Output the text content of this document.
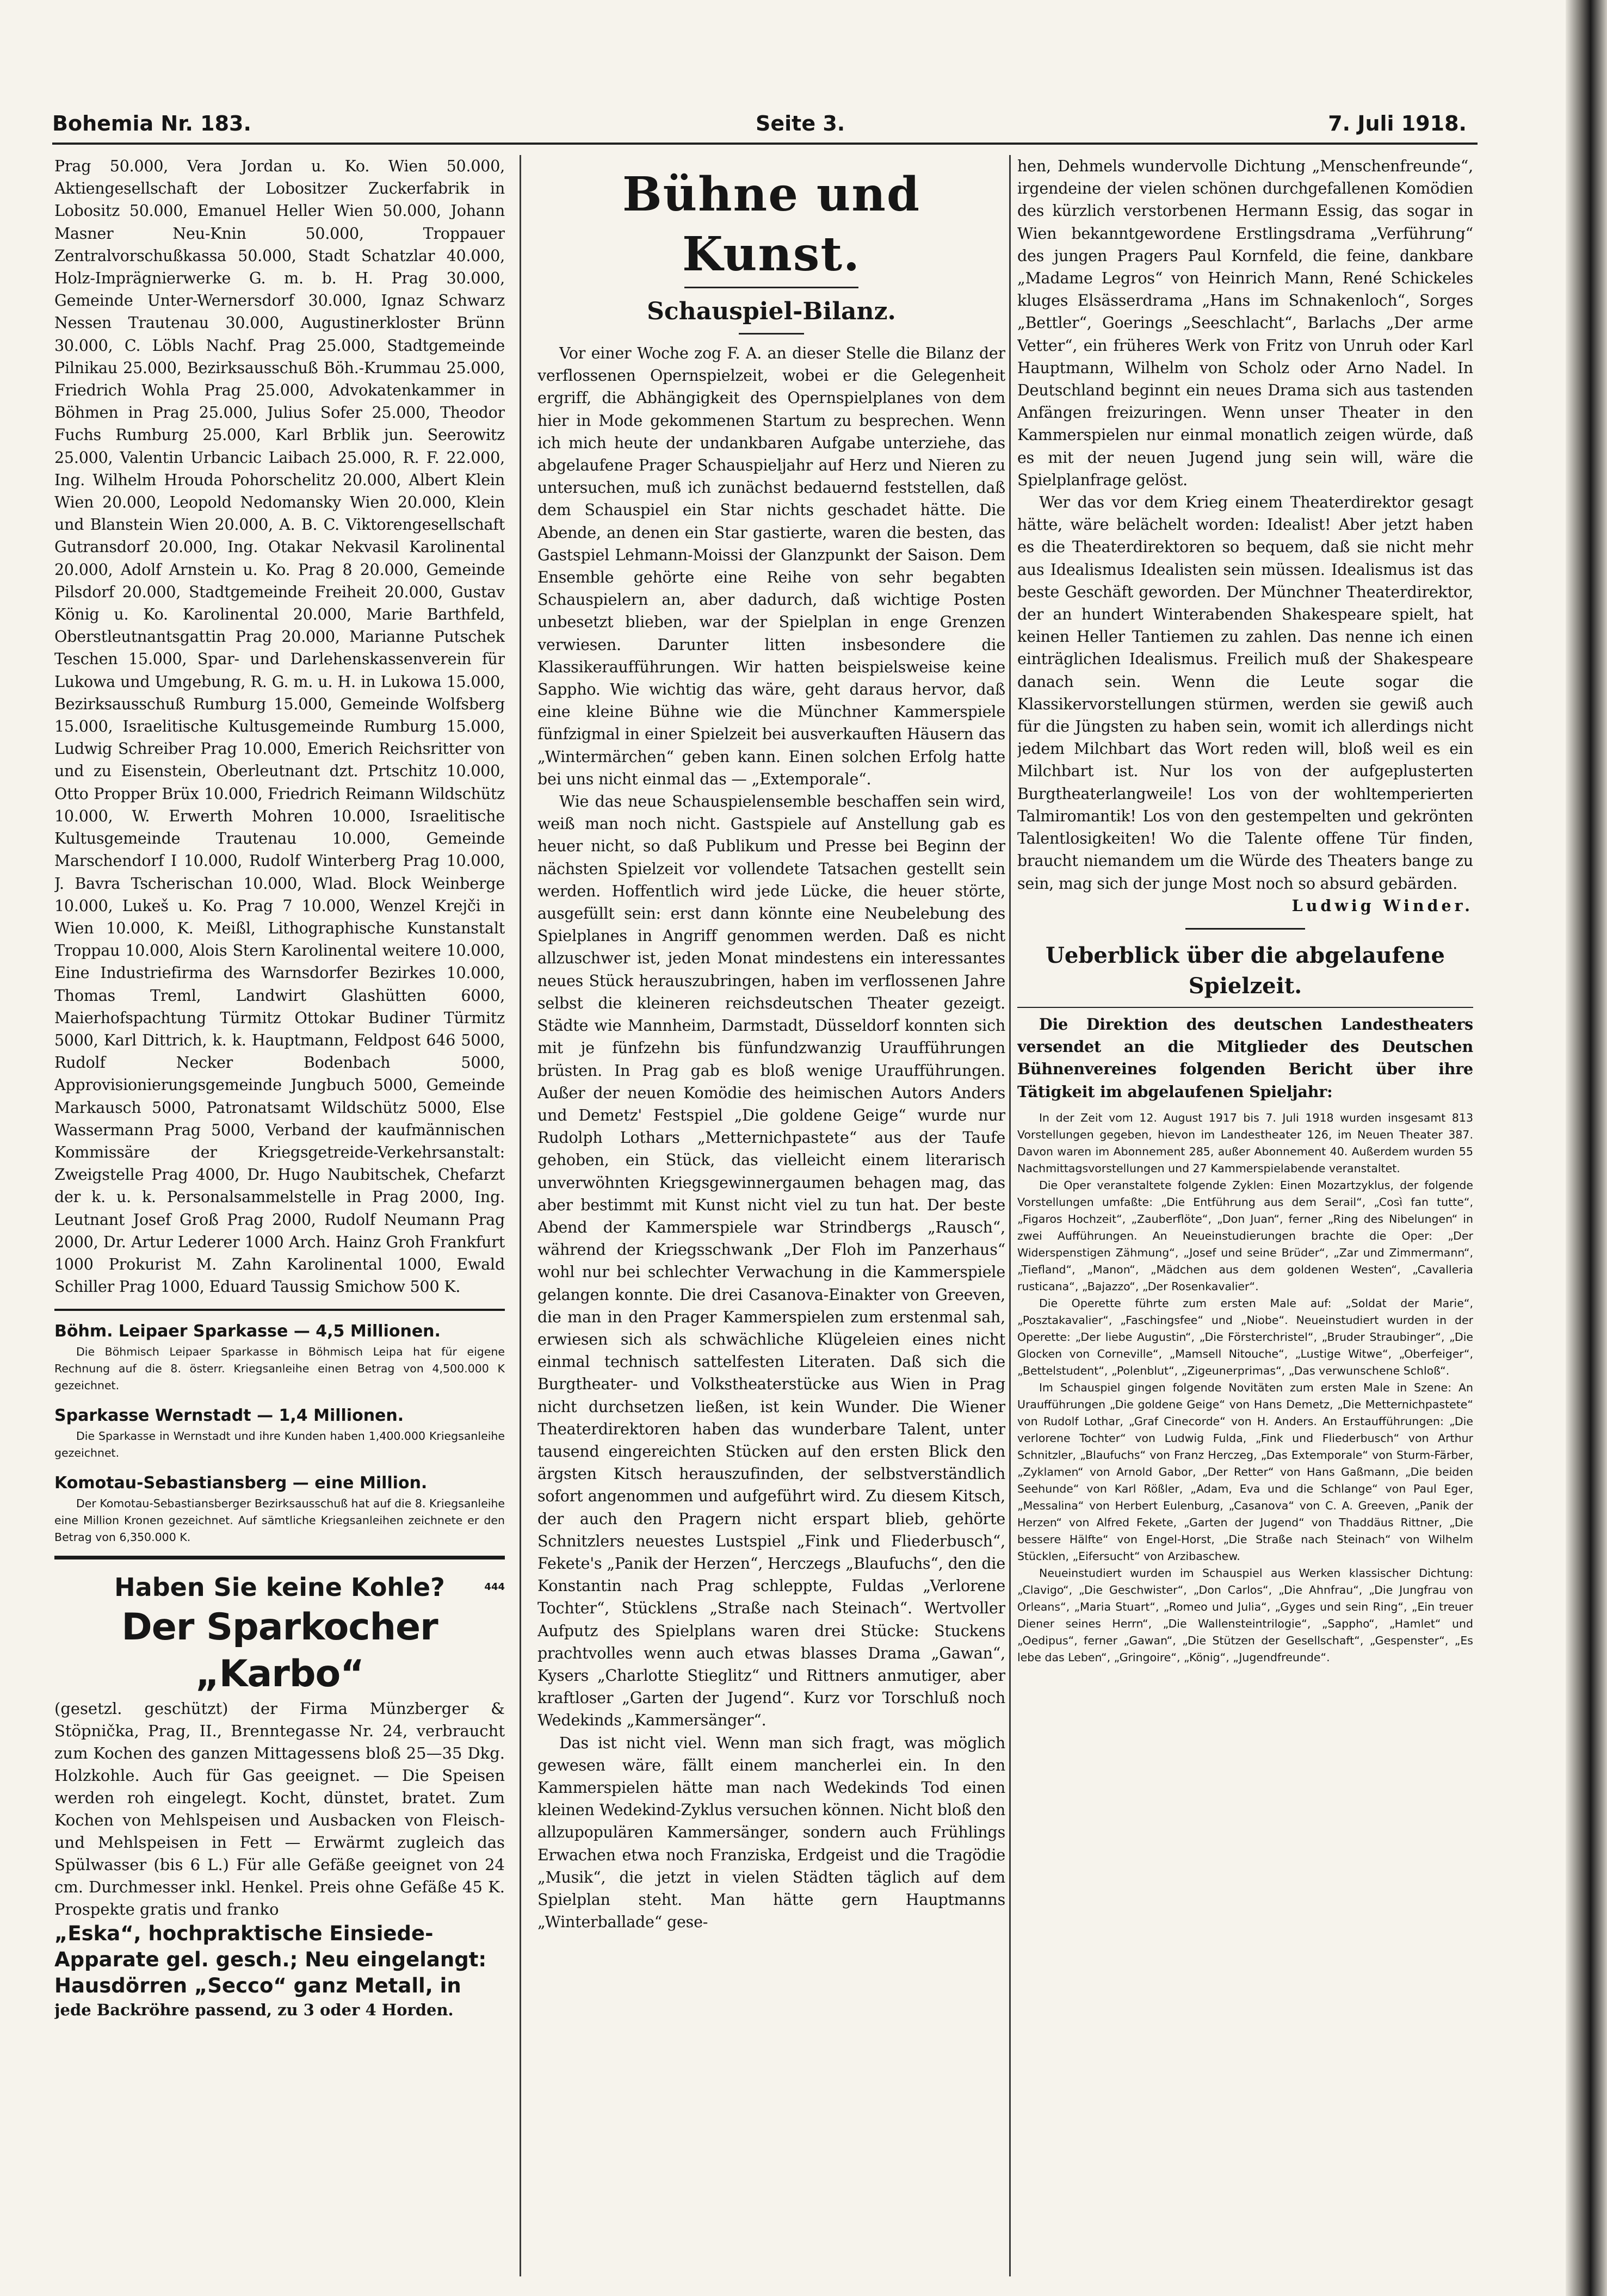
Bohemia Nr. 183.	Seite 3.	7. Juli 1918.

Prag 50.000, Vera Jordan u. Ko. Wien 50.000, Aktiengesellschaft der Lobositzer Zuckerfabrik in Lobositz 50.000, Emanuel Heller Wien 50.000, Johann Masner Neu-Knin 50.000, Troppauer Zentralvorschußkassa 50.000, Stadt Schatzlar 40.000, Holz-Imprägnierwerke G. m. b. H. Prag 30.000, Gemeinde Unter-Wernersdorf 30.000, Ignaz Schwarz Nessen Trautenau 30.000, Augustinerkloster Brünn 30.000, C. Löbls Nachf. Prag 25.000, Stadtgemeinde Pilnikau 25.000, Bezirksausschuß Böh.-Krummau 25.000, Friedrich Wohla Prag 25.000, Advokatenkammer in Böhmen in Prag 25.000, Julius Sofer 25.000, Theodor Fuchs Rumburg 25.000, Karl Brblik jun. Seerowitz 25.000, Valentin Urbancic Laibach 25.000, R. F. 22.000, Ing. Wilhelm Hrouda Pohorschelitz 20.000, Albert Klein Wien 20.000, Leopold Nedomansky Wien 20.000, Klein und Blanstein Wien 20.000, A. B. C. Viktorengesellschaft Gutransdorf 20.000, Ing. Otakar Nekvasil Karolinental 20.000, Adolf Arnstein u. Ko. Prag 8 20.000, Gemeinde Pilsdorf 20.000, Stadtgemeinde Freiheit 20.000, Gustav König u. Ko. Karolinental 20.000, Marie Barthfeld, Oberstleutnantsgattin Prag 20.000, Marianne Putschek Teschen 15.000, Spar- und Darlehenskassenverein für Lukowa und Umgebung, R. G. m. u. H. in Lukowa 15.000, Bezirksausschuß Rumburg 15.000, Gemeinde Wolfsberg 15.000, Israelitische Kultusgemeinde Rumburg 15.000, Ludwig Schreiber Prag 10.000, Emerich Reichsritter von und zu Eisenstein, Oberleutnant dzt. Prtschitz 10.000, Otto Propper Brüx 10.000, Friedrich Reimann Wildschütz 10.000, W. Erwerth Mohren 10.000, Israelitische Kultusgemeinde Trautenau 10.000, Gemeinde Marschendorf I 10.000, Rudolf Winterberg Prag 10.000, J. Bavra Tscherischan 10.000, Wlad. Block Weinberge 10.000, Lukeš u. Ko. Prag 7 10.000, Wenzel Krejči in Wien 10.000, K. Meißl, Lithographische Kunstanstalt Troppau 10.000, Alois Stern Karolinental weitere 10.000, Eine Industriefirma des Warnsdorfer Bezirkes 10.000, Thomas Treml, Landwirt Glashütten 6000, Maierhofspachtung Türmitz Ottokar Budiner Türmitz 5000, Karl Dittrich, k. k. Hauptmann, Feldpost 646 5000, Rudolf Necker Bodenbach 5000, Approvisionierungsgemeinde Jungbuch 5000, Gemeinde Markausch 5000, Patronatsamt Wildschütz 5000, Else Wassermann Prag 5000, Verband der kaufmännischen Kommissäre der Kriegsgetreide-Verkehrsanstalt: Zweigstelle Prag 4000, Dr. Hugo Naubitschek, Chefarzt der k. u. k. Personalsammelstelle in Prag 2000, Ing. Leutnant Josef Groß Prag 2000, Rudolf Neumann Prag 2000, Dr. Artur Lederer 1000 Arch. Hainz Groh Frankfurt 1000 Prokurist M. Zahn Karolinental 1000, Ewald Schiller Prag 1000, Eduard Taussig Smichow 500 K.

Böhm. Leipaer Sparkasse — 4,5 Millionen.

Die Böhmisch Leipaer Sparkasse in Böhmisch Leipa hat für eigene Rechnung auf die 8. österr. Kriegsanleihe einen Betrag von 4,500.000 K gezeichnet.

Sparkasse Wernstadt — 1,4 Millionen.

Die Sparkasse in Wernstadt und ihre Kunden haben 1,400.000 Kriegsanleihe gezeichnet.

Komotau-Sebastiansberg — eine Million.

Der Komotau-Sebastiansberger Bezirksausschuß hat auf die 8. Kriegsanleihe eine Million Kronen gezeichnet. Auf sämtliche Kriegsanleihen zeichnete er den Betrag von 6,350.000 K.

Haben Sie keine Kohle?	444
Der Sparkocher „Karbo“

(gesetzl. geschützt) der Firma Münzberger & Stöpnička, Prag, II., Brenntegasse Nr. 24, verbraucht zum Kochen des ganzen Mittagessens bloß 25—35 Dkg. Holzkohle. Auch für Gas geeignet. — Die Speisen werden roh eingelegt. Kocht, dünstet, bratet. Zum Kochen von Mehlspeisen und Ausbacken von Fleisch- und Mehlspeisen in Fett — Erwärmt zugleich das Spülwasser (bis 6 L.) Für alle Gefäße geeignet von 24 cm. Durchmesser inkl. Henkel. Preis ohne Gefäße 45 K. Prospekte gratis und franko

„Eska“, hochpraktische Einsiede-
Apparate gel. gesch.; Neu eingelangt:
Hausdörren „Secco“ ganz Metall, in
jede Backröhre passend, zu 3 oder 4 Horden.
Bühne und Kunst.
Schauspiel-Bilanz.

Vor einer Woche zog F. A. an dieser Stelle die Bilanz der verflossenen Opernspielzeit, wobei er die Gelegenheit ergriff, die Abhängigkeit des Opernspielplanes von dem hier in Mode gekommenen Startum zu besprechen. Wenn ich mich heute der undankbaren Aufgabe unterziehe, das abgelaufene Prager Schauspieljahr auf Herz und Nieren zu untersuchen, muß ich zunächst bedauernd feststellen, daß dem Schauspiel ein Star nichts geschadet hätte. Die Abende, an denen ein Star gastierte, waren die besten, das Gastspiel Lehmann-Moissi der Glanzpunkt der Saison. Dem Ensemble gehörte eine Reihe von sehr begabten Schauspielern an, aber dadurch, daß wichtige Posten unbesetzt blieben, war der Spielplan in enge Grenzen verwiesen. Darunter litten insbesondere die Klassikeraufführungen. Wir hatten beispielsweise keine Sappho. Wie wichtig das wäre, geht daraus hervor, daß eine kleine Bühne wie die Münchner Kammerspiele fünfzigmal in einer Spielzeit bei ausverkauften Häusern das „Wintermärchen“ geben kann. Einen solchen Erfolg hatte bei uns nicht einmal das — „Extemporale“.

Wie das neue Schauspielensemble beschaffen sein wird, weiß man noch nicht. Gastspiele auf Anstellung gab es heuer nicht, so daß Publikum und Presse bei Beginn der nächsten Spielzeit vor vollendete Tatsachen gestellt sein werden. Hoffentlich wird jede Lücke, die heuer störte, ausgefüllt sein: erst dann könnte eine Neubelebung des Spielplanes in Angriff genommen werden. Daß es nicht allzuschwer ist, jeden Monat mindestens ein interessantes neues Stück herauszubringen, haben im verflossenen Jahre selbst die kleineren reichsdeutschen Theater gezeigt. Städte wie Mannheim, Darmstadt, Düsseldorf konnten sich mit je fünfzehn bis fünfundzwanzig Uraufführungen brüsten. In Prag gab es bloß wenige Uraufführungen. Außer der neuen Komödie des heimischen Autors Anders und Demetz' Festspiel „Die goldene Geige“ wurde nur Rudolph Lothars „Metternichpastete“ aus der Taufe gehoben, ein Stück, das vielleicht einem literarisch unverwöhnten Kriegsgewinnergaumen behagen mag, das aber bestimmt mit Kunst nicht viel zu tun hat. Der beste Abend der Kammerspiele war Strindbergs „Rausch“, während der Kriegsschwank „Der Floh im Panzerhaus“ wohl nur bei schlechter Verwachung in die Kammerspiele gelangen konnte. Die drei Casanova-Einakter von Greeven, die man in den Prager Kammerspielen zum erstenmal sah, erwiesen sich als schwächliche Klügeleien eines nicht einmal technisch sattelfesten Literaten. Daß sich die Burgtheater- und Volkstheaterstücke aus Wien in Prag nicht durchsetzen ließen, ist kein Wunder. Die Wiener Theaterdirektoren haben das wunderbare Talent, unter tausend eingereichten Stücken auf den ersten Blick den ärgsten Kitsch herauszufinden, der selbstverständlich sofort angenommen und aufgeführt wird. Zu diesem Kitsch, der auch den Pragern nicht erspart blieb, gehörte Schnitzlers neuestes Lustspiel „Fink und Fliederbusch“, Fekete's „Panik der Herzen“, Herczegs „Blaufuchs“, den die Konstantin nach Prag schleppte, Fuldas „Verlorene Tochter“, Stücklens „Straße nach Steinach“. Wertvoller Aufputz des Spielplans waren drei Stücke: Stuckens prachtvolles wenn auch etwas blasses Drama „Gawan“, Kysers „Charlotte Stieglitz“ und Rittners anmutiger, aber kraftloser „Garten der Jugend“. Kurz vor Torschluß noch Wedekinds „Kammersänger“.

Das ist nicht viel. Wenn man sich fragt, was möglich gewesen wäre, fällt einem mancherlei ein. In den Kammerspielen hätte man nach Wedekinds Tod einen kleinen Wedekind-Zyklus versuchen können. Nicht bloß den allzupopulären Kammersänger, sondern auch Frühlings Erwachen etwa noch Franziska, Erdgeist und die Tragödie „Musik“, die jetzt in vielen Städten täglich auf dem Spielplan steht. Man hätte gern Hauptmanns „Winterballade“ gese-

hen, Dehmels wundervolle Dichtung „Menschenfreunde“, irgendeine der vielen schönen durchgefallenen Komödien des kürzlich verstorbenen Hermann Essig, das sogar in Wien bekanntgewordene Erstlingsdrama „Verführung“ des jungen Pragers Paul Kornfeld, die feine, dankbare „Madame Legros“ von Heinrich Mann, René Schickeles kluges Elsässerdrama „Hans im Schnakenloch“, Sorges „Bettler“, Goerings „Seeschlacht“, Barlachs „Der arme Vetter“, ein früheres Werk von Fritz von Unruh oder Karl Hauptmann, Wilhelm von Scholz oder Arno Nadel. In Deutschland beginnt ein neues Drama sich aus tastenden Anfängen freizuringen. Wenn unser Theater in den Kammerspielen nur einmal monatlich zeigen würde, daß es mit der neuen Jugend jung sein will, wäre die Spielplanfrage gelöst.

Wer das vor dem Krieg einem Theaterdirektor gesagt hätte, wäre belächelt worden: Idealist! Aber jetzt haben es die Theaterdirektoren so bequem, daß sie nicht mehr aus Idealismus Idealisten sein müssen. Idealismus ist das beste Geschäft geworden. Der Münchner Theaterdirektor, der an hundert Winterabenden Shakespeare spielt, hat keinen Heller Tantiemen zu zahlen. Das nenne ich einen einträglichen Idealismus. Freilich muß der Shakespeare danach sein. Wenn die Leute sogar die Klassikervorstellungen stürmen, werden sie gewiß auch für die Jüngsten zu haben sein, womit ich allerdings nicht jedem Milchbart das Wort reden will, bloß weil es ein Milchbart ist. Nur los von der aufgeplusterten Burgtheaterlangweile! Los von der wohltemperierten Talmiromantik! Los von den gestempelten und gekrönten Talentlosigkeiten! Wo die Talente offene Tür finden, braucht niemandem um die Würde des Theaters bange zu sein, mag sich der junge Most noch so absurd gebärden.

Ludwig Winder.

Ueberblick über die abgelaufene Spielzeit.

Die Direktion des deutschen Landestheaters versendet an die Mitglieder des Deutschen Bühnenvereines folgenden Bericht über ihre Tätigkeit im abgelaufenen Spieljahr:

In der Zeit vom 12. August 1917 bis 7. Juli 1918 wurden insgesamt 813 Vorstellungen gegeben, hievon im Landestheater 126, im Neuen Theater 387. Davon waren im Abonnement 285, außer Abonnement 40. Außerdem wurden 55 Nachmittagsvorstellungen und 27 Kammerspielabende veranstaltet.

Die Oper veranstaltete folgende Zyklen: Einen Mozartzyklus, der folgende Vorstellungen umfaßte: „Die Entführung aus dem Serail“, „Così fan tutte“, „Figaros Hochzeit“, „Zauberflöte“, „Don Juan“, ferner „Ring des Nibelungen“ in zwei Aufführungen. An Neueinstudierungen brachte die Oper: „Der Widerspenstigen Zähmung“, „Josef und seine Brüder“, „Zar und Zimmermann“, „Tiefland“, „Manon“, „Mädchen aus dem goldenen Westen“, „Cavalleria rusticana“, „Bajazzo“, „Der Rosenkavalier“.

Die Operette führte zum ersten Male auf: „Soldat der Marie“, „Posztakavalier“, „Faschingsfee“ und „Niobe“. Neueinstudiert wurden in der Operette: „Der liebe Augustin“, „Die Försterchristel“, „Bruder Straubinger“, „Die Glocken von Corneville“, „Mamsell Nitouche“, „Lustige Witwe“, „Oberfeiger“, „Bettelstudent“, „Polenblut“, „Zigeunerprimas“, „Das verwunschene Schloß“.

Im Schauspiel gingen folgende Novitäten zum ersten Male in Szene: An Uraufführungen „Die goldene Geige“ von Hans Demetz, „Die Metternichpastete“ von Rudolf Lothar, „Graf Cinecorde“ von H. Anders. An Erstaufführungen: „Die verlorene Tochter“ von Ludwig Fulda, „Fink und Fliederbusch“ von Arthur Schnitzler, „Blaufuchs“ von Franz Herczeg, „Das Extemporale“ von Sturm-Färber, „Zyklamen“ von Arnold Gabor, „Der Retter“ von Hans Gaßmann, „Die beiden Seehunde“ von Karl Rößler, „Adam, Eva und die Schlange“ von Paul Eger, „Messalina“ von Herbert Eulenburg, „Casanova“ von C. A. Greeven, „Panik der Herzen“ von Alfred Fekete, „Garten der Jugend“ von Thaddäus Rittner, „Die bessere Hälfte“ von Engel-Horst, „Die Straße nach Steinach“ von Wilhelm Stücklen, „Eifersucht“ von Arzibaschew.

Neueinstudiert wurden im Schauspiel aus Werken klassischer Dichtung: „Clavigo“, „Die Geschwister“, „Don Carlos“, „Die Ahnfrau“, „Die Jungfrau von Orleans“, „Maria Stuart“, „Romeo und Julia“, „Gyges und sein Ring“, „Ein treuer Diener seines Herrn“, „Die Wallensteintrilogie“, „Sappho“, „Hamlet“ und „Oedipus“, ferner „Gawan“, „Die Stützen der Gesellschaft“, „Gespenster“, „Es lebe das Leben“, „Gringoire“, „König“, „Jugendfreunde“.
